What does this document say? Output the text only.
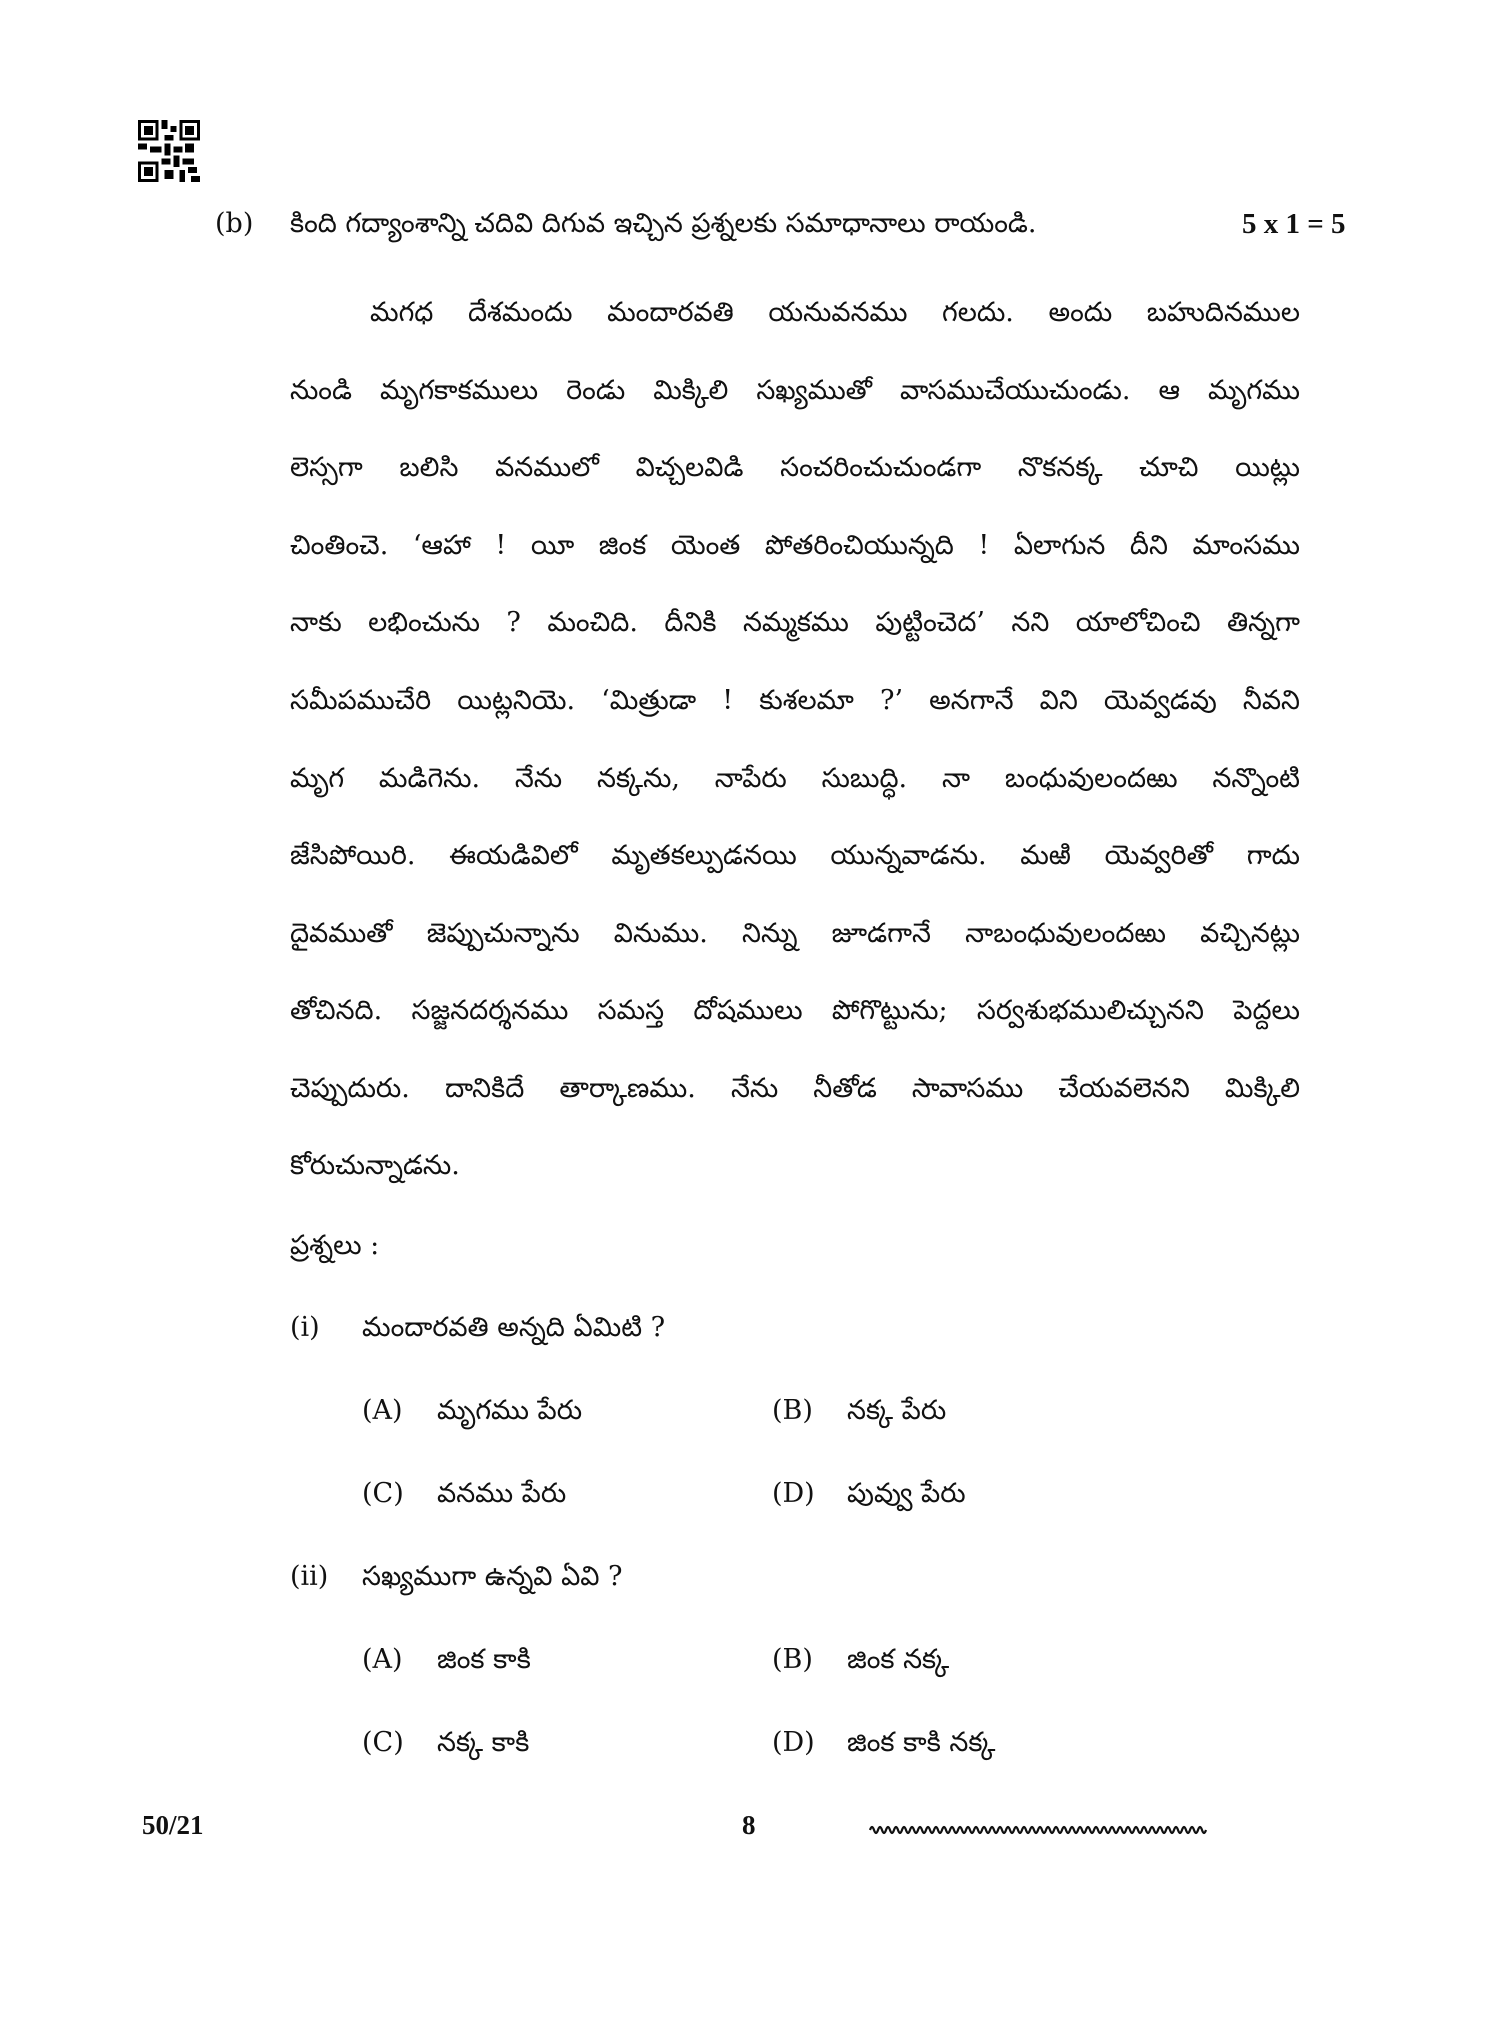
(b) కింది గద్యాంశాన్ని చదివి దిగువ ఇచ్చిన ప్రశ్నలకు సమాధానాలు రాయండి.	5 x 1 = 5
మగధ దేశమందు మందారవతి యనువనము గలదు. అందు బహుదినముల
నుండి మృగకాకములు రెండు మిక్కిలి సఖ్యముతో వాసముచేయుచుండు. ఆ మృగము
లెస్సగా బలిసి వనములో విచ్చలవిడి సంచరించుచుండగా నొకనక్క చూచి యిట్లు
చింతించె. ‘ఆహా ! యీ జింక యెంత పోతరించియున్నది ! ఏలాగున దీని మాంసము
నాకు లభించును ? మంచిది. దీనికి నమ్మకము పుట్టించెద’ నని యాలోచించి తిన్నగా
సమీపముచేరి యిట్లనియె. ‘మిత్రుడా ! కుశలమా ?’ అనగానే విని యెవ్వడవు నీవని
మృగ మడిగెను. నేను నక్కను, నాపేరు సుబుద్ధి. నా బంధువులందఱు నన్నొంటి
జేసిపోయిరి. ఈయడివిలో మృతకల్పుడనయి యున్నవాడను. మఱి యెవ్వరితో గాదు
దైవముతో జెప్పుచున్నాను వినుము. నిన్ను జూడగానే నాబంధువులందఱు వచ్చినట్లు
తోచినది. సజ్జనదర్శనము సమస్త దోషములు పోగొట్టును; సర్వశుభములిచ్చునని పెద్దలు
చెప్పుదురు. దానికిదే తార్కాణము. నేను నీతోడ సావాసము చేయవలెనని మిక్కిలి
కోరుచున్నాడను.
ప్రశ్నలు :
(i) మందారవతి అన్నది ఏమిటి ?
(A) మృగము పేరు	(B) నక్క పేరు
(C) వనము పేరు	(D) పువ్వు పేరు
(ii) సఖ్యముగా ఉన్నవి ఏవి ?
(A) జింక కాకి	(B) జింక నక్క
(C) నక్క కాకి	(D) జింక కాకి నక్క
50/21	8
